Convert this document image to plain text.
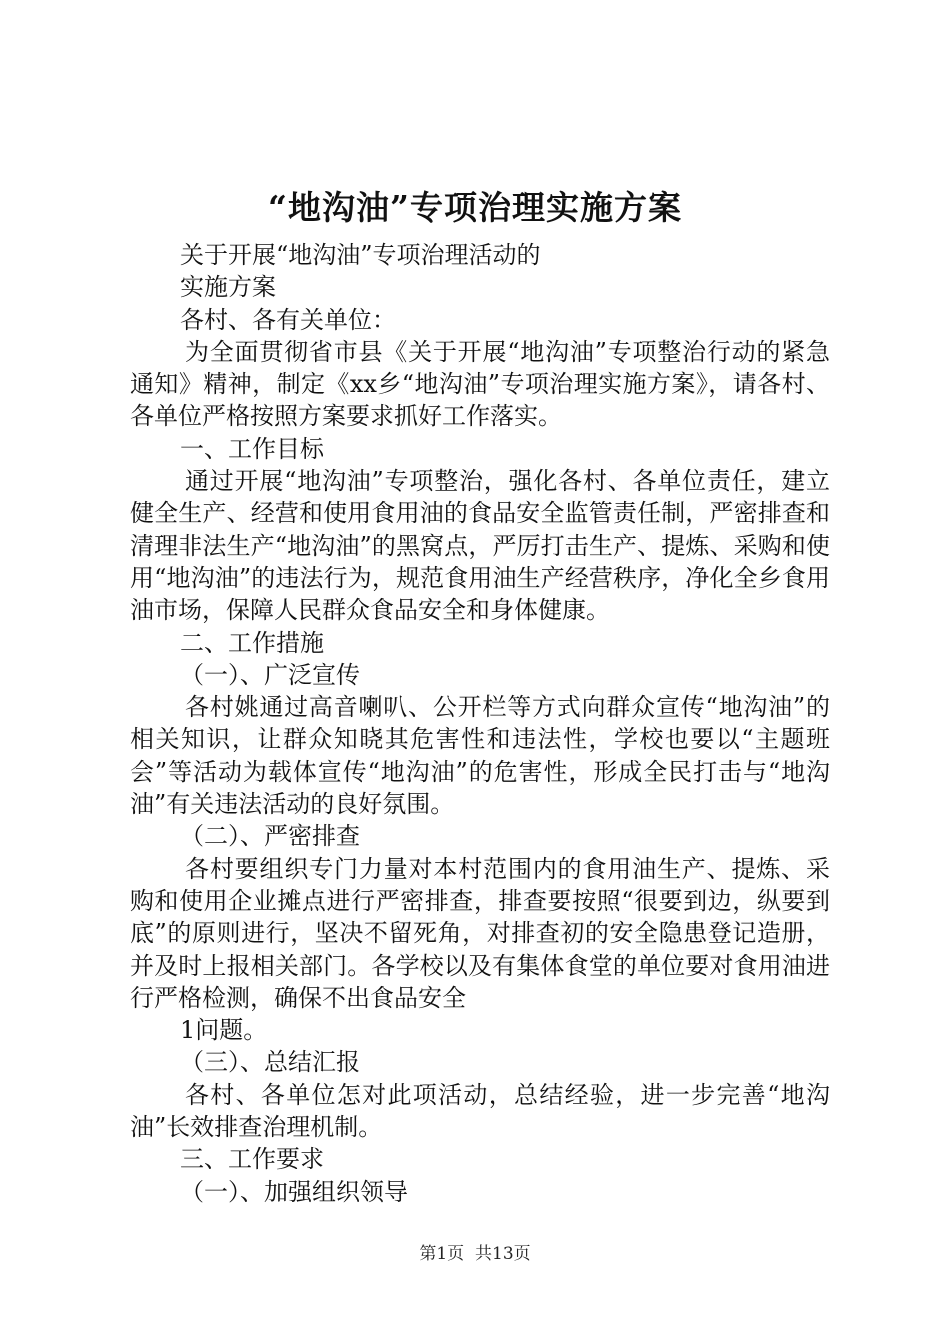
“地沟油”专项治理实施方案

关于开展“地沟油”专项治理活动的

实施方案

各村、各有关单位：

为全面贯彻省市县《关于开展“地沟油”专项整治行动的紧急通知》精神，制定《xx乡“地沟油”专项治理实施方案》，请各村、各单位严格按照方案要求抓好工作落实。

一、工作目标

通过开展“地沟油”专项整治，强化各村、各单位责任，建立健全生产、经营和使用食用油的食品安全监管责任制，严密排查和清理非法生产“地沟油”的黑窝点，严厉打击生产、提炼、采购和使用“地沟油”的违法行为，规范食用油生产经营秩序，净化全乡食用油市场，保障人民群众食品安全和身体健康。

二、工作措施

（一）、广泛宣传

各村姚通过高音喇叭、公开栏等方式向群众宣传“地沟油”的相关知识，让群众知晓其危害性和违法性，学校也要以“主题班会”等活动为载体宣传“地沟油”的危害性，形成全民打击与“地沟油”有关违法活动的良好氛围。

（二）、严密排查

各村要组织专门力量对本村范围内的食用油生产、提炼、采购和使用企业摊点进行严密排查，排查要按照“很要到边，纵要到底”的原则进行，坚决不留死角，对排查初的安全隐患登记造册，并及时上报相关部门。各学校以及有集体食堂的单位要对食用油进行严格检测，确保不出食品安全

1问题。

（三）、总结汇报

各村、各单位怎对此项活动，总结经验，进一步完善“地沟油”长效排查治理机制。

三、工作要求

（一）、加强组织领导

第1页 共13页
